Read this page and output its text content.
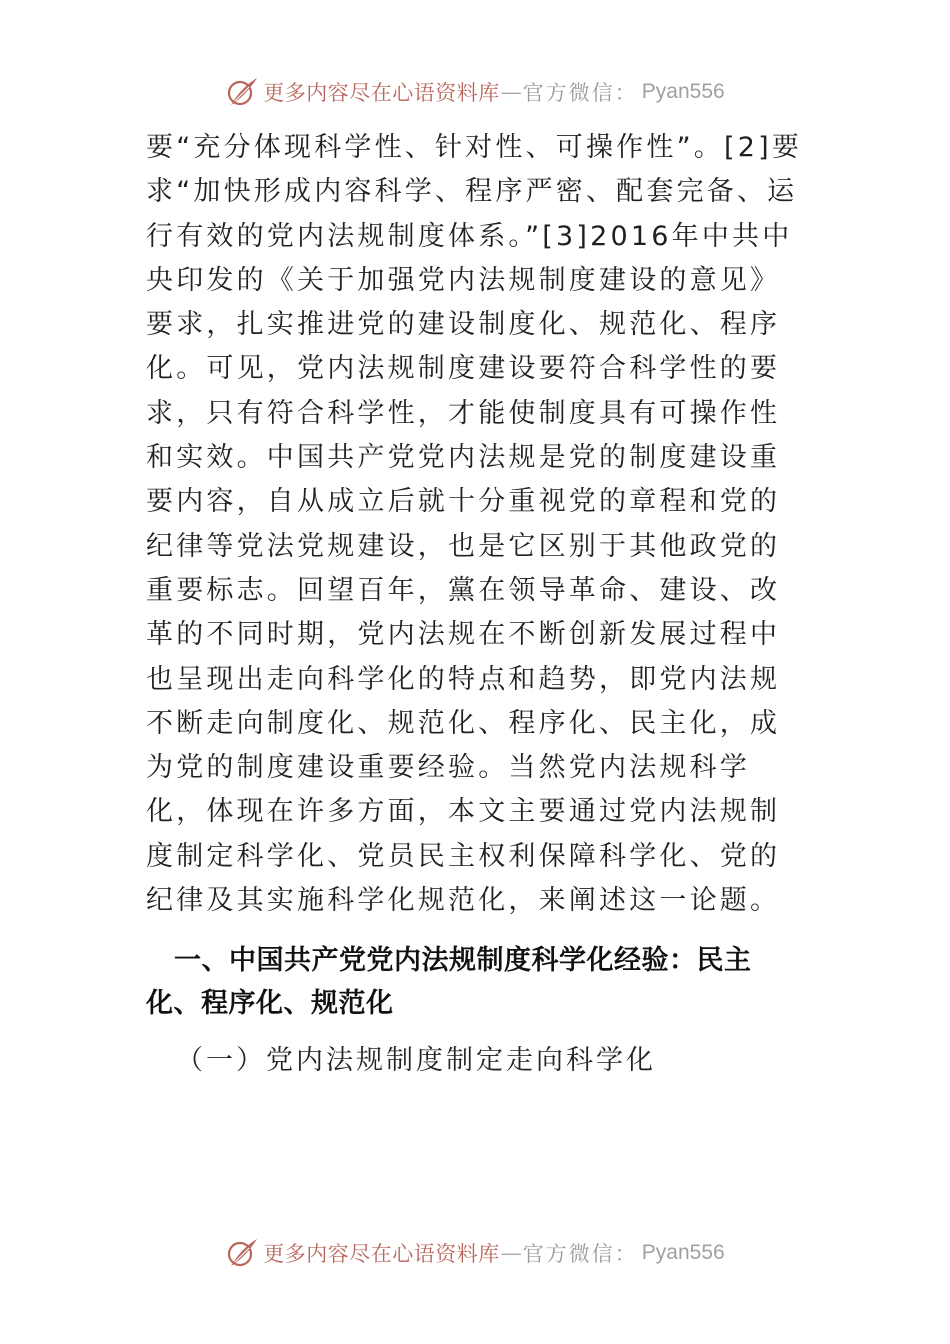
更多内容尽在心语资料库 — 官方微信： Pyan556

要“充分体现科学性、针对性、可操作性”。[2]要求“加快形成内容科学、程序严密、配套完备、运行有效的党内法规制度体系。”[3]2016年中共中央印发的《关于加强党内法规制度建设的意见》要求，扎实推进党的建设制度化、规范化、程序化。可见，党内法规制度建设要符合科学性的要求，只有符合科学性，才能使制度具有可操作性和实效。中国共产党党内法规是党的制度建设重要内容，自从成立后就十分重视党的章程和党的纪律等党法党规建设，也是它区别于其他政党的重要标志。回望百年，黨在领导革命、建设、改革的不同时期，党内法规在不断创新发展过程中也呈现出走向科学化的特点和趋势，即党内法规不断走向制度化、规范化、程序化、民主化，成为党的制度建设重要经验。当然党内法规科学化，体现在许多方面，本文主要通过党内法规制度制定科学化、党员民主权利保障科学化、党的纪律及其实施科学化规范化，来阐述这一论题。

一、中国共产党党内法规制度科学化经验：民主化、程序化、规范化

（一）党内法规制度制定走向科学化

更多内容尽在心语资料库 — 官方微信： Pyan556
